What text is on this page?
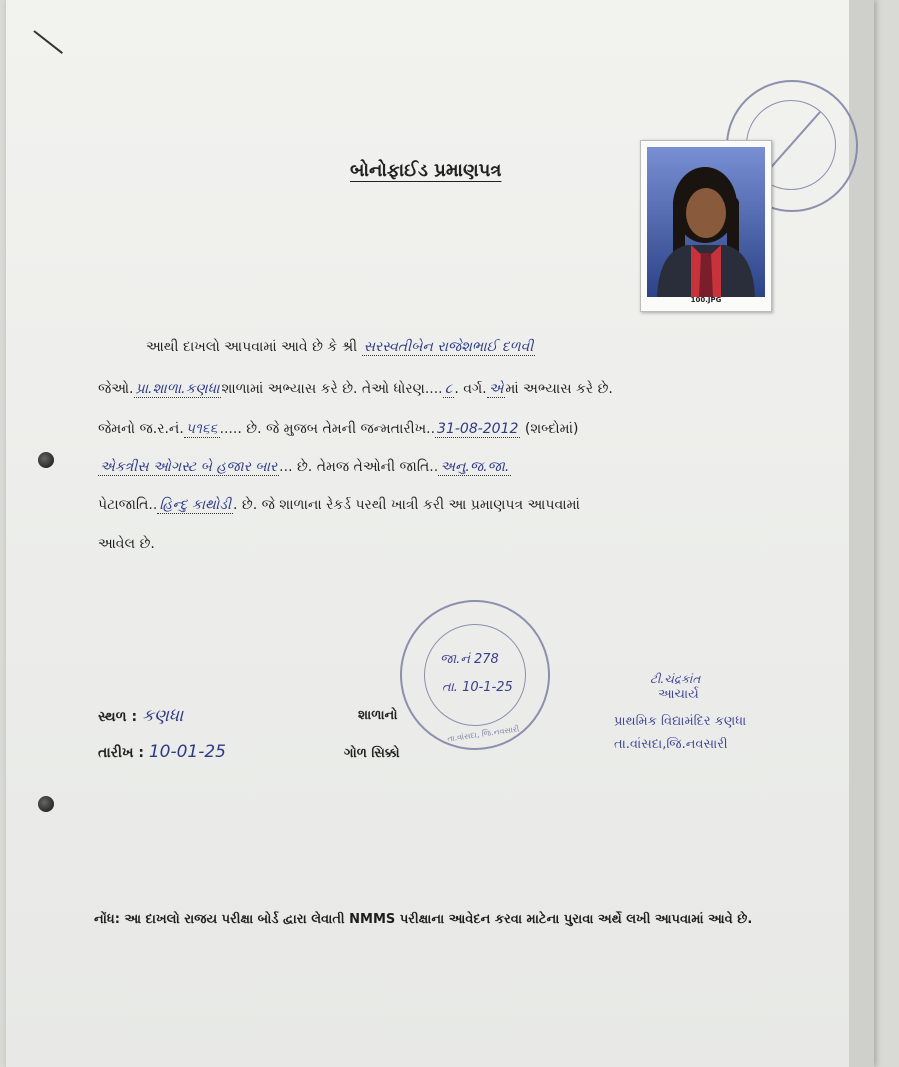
બોનોફાઈડ પ્રમાણપત્ર
100.JPG
આથી દાખલો આપવામાં આવે છે કે શ્રી સરસ્વતીબેન રાજેશભાઈ દળવી
જેઓ. પ્રા.શાળા.કણધા શાળામાં અભ્યાસ કરે છે. તેઓ ધોરણ.... ૮ . વર્ગ. એ માં અભ્યાસ કરે છે.
જેમનો જ.ર.નં. ૫૧૬૬ ..... છે. જે મુજબ તેમની જન્મતારીખ.. 31-08-2012 (શબ્દોમાં)
એકત્રીસ ઓગસ્ટ બે હજાર બાર ... છે. તેમજ તેઓની જાતિ.. અનુ.જ.જા.
પેટાજાતિ.. હિન્દુ કાથોડી . છે. જે શાળાના રેકર્ડ પરથી ખાત્રી કરી આ પ્રમાણપત્ર આપવામાં
આવેલ છે.
સ્થળ : કણધા
તારીખ : 10-01-25
શાળાનો
ગોળ સિક્કો
તા.વાંસદા, જિ.નવસારી
જા.નં 278
તા. 10-1-25
ટી.ચંદ્રકાંત
આચાર્ય
પ્રાથમિક વિદ્યામંદિર કણધા
તા.વાંસદા,જિ.નવસારી
નોંધ: આ દાખલો રાજય પરીક્ષા બોર્ડ દ્વારા લેવાતી NMMS પરીક્ષાના આવેદન કરવા માટેના પુરાવા અર્થે લખી આપવામાં આવે છે.
